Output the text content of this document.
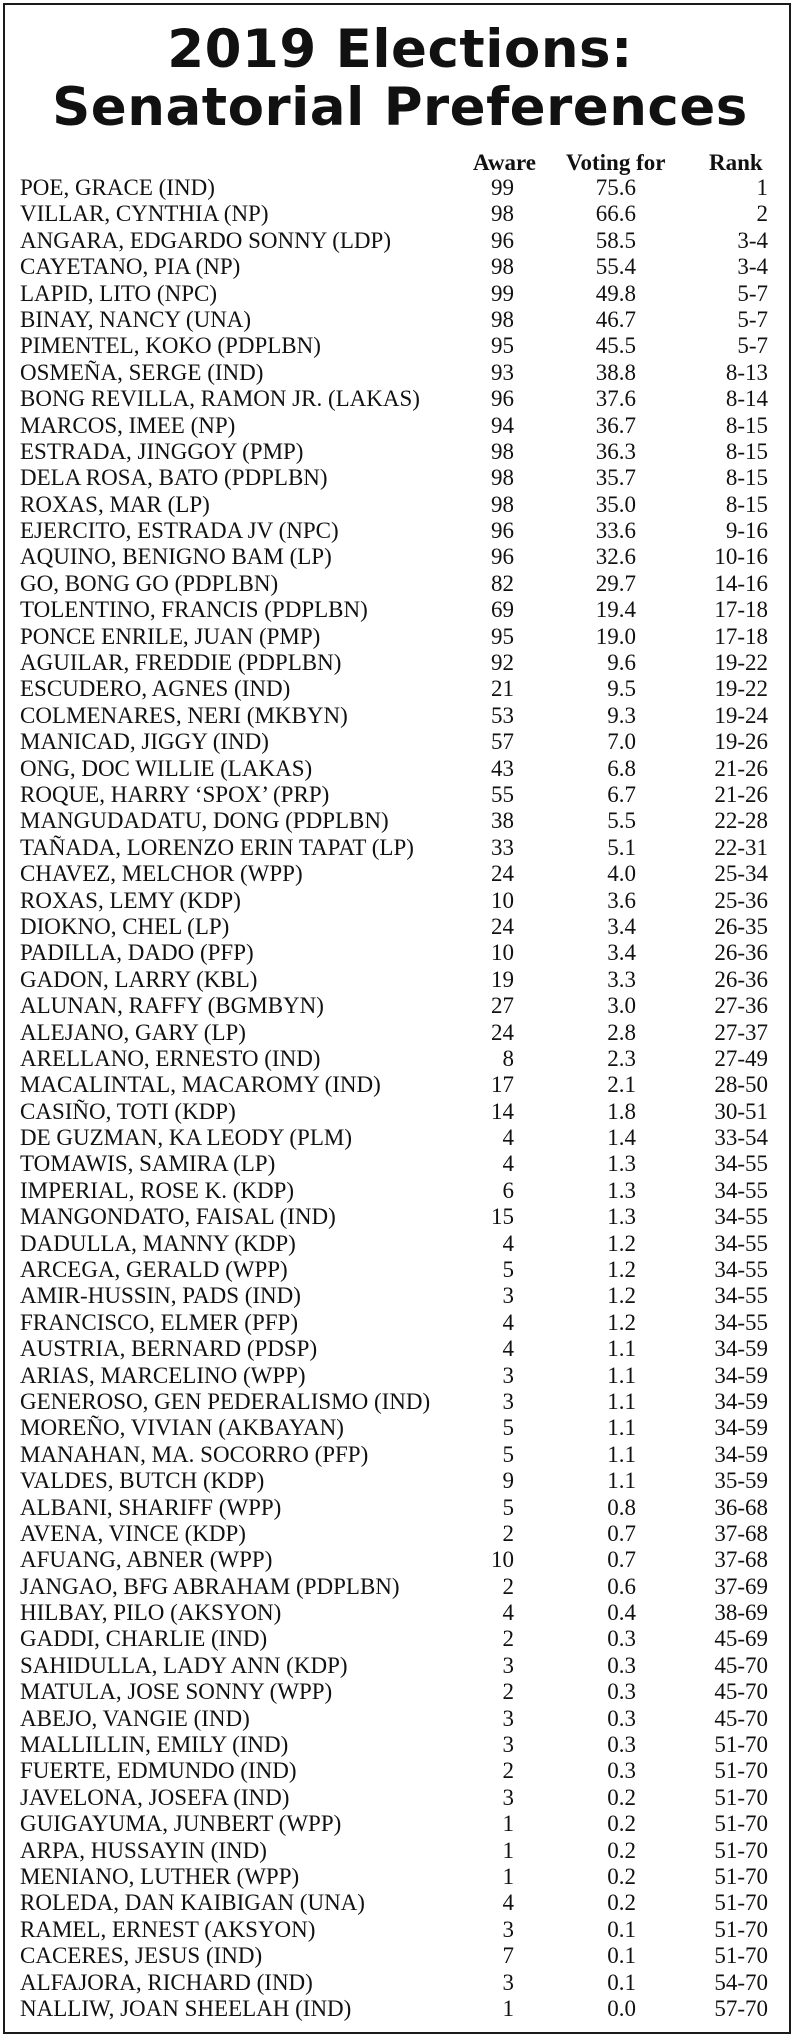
2019 Elections:
Senatorial Preferences
Aware Voting for Rank
POE, GRACE (IND)	99	75.6	1
VILLAR, CYNTHIA (NP)	98	66.6	2
ANGARA, EDGARDO SONNY (LDP)	96	58.5	3-4
CAYETANO, PIA (NP)	98	55.4	3-4
LAPID, LITO (NPC)	99	49.8	5-7
BINAY, NANCY (UNA)	98	46.7	5-7
PIMENTEL, KOKO (PDPLBN)	95	45.5	5-7
OSMEÑA, SERGE (IND)	93	38.8	8-13
BONG REVILLA, RAMON JR. (LAKAS)	96	37.6	8-14
MARCOS, IMEE (NP)	94	36.7	8-15
ESTRADA, JINGGOY (PMP)	98	36.3	8-15
DELA ROSA, BATO (PDPLBN)	98	35.7	8-15
ROXAS, MAR (LP)	98	35.0	8-15
EJERCITO, ESTRADA JV (NPC)	96	33.6	9-16
AQUINO, BENIGNO BAM (LP)	96	32.6	10-16
GO, BONG GO (PDPLBN)	82	29.7	14-16
TOLENTINO, FRANCIS (PDPLBN)	69	19.4	17-18
PONCE ENRILE, JUAN (PMP)	95	19.0	17-18
AGUILAR, FREDDIE (PDPLBN)	92	9.6	19-22
ESCUDERO, AGNES (IND)	21	9.5	19-22
COLMENARES, NERI (MKBYN)	53	9.3	19-24
MANICAD, JIGGY (IND)	57	7.0	19-26
ONG, DOC WILLIE (LAKAS)	43	6.8	21-26
ROQUE, HARRY ‘SPOX’ (PRP)	55	6.7	21-26
MANGUDADATU, DONG (PDPLBN)	38	5.5	22-28
TAÑADA, LORENZO ERIN TAPAT (LP)	33	5.1	22-31
CHAVEZ, MELCHOR (WPP)	24	4.0	25-34
ROXAS, LEMY (KDP)	10	3.6	25-36
DIOKNO, CHEL (LP)	24	3.4	26-35
PADILLA, DADO (PFP)	10	3.4	26-36
GADON, LARRY (KBL)	19	3.3	26-36
ALUNAN, RAFFY (BGMBYN)	27	3.0	27-36
ALEJANO, GARY (LP)	24	2.8	27-37
ARELLANO, ERNESTO (IND)	8	2.3	27-49
MACALINTAL, MACAROMY (IND)	17	2.1	28-50
CASIÑO, TOTI (KDP)	14	1.8	30-51
DE GUZMAN, KA LEODY (PLM)	4	1.4	33-54
TOMAWIS, SAMIRA (LP)	4	1.3	34-55
IMPERIAL, ROSE K. (KDP)	6	1.3	34-55
MANGONDATO, FAISAL (IND)	15	1.3	34-55
DADULLA, MANNY (KDP)	4	1.2	34-55
ARCEGA, GERALD (WPP)	5	1.2	34-55
AMIR-HUSSIN, PADS (IND)	3	1.2	34-55
FRANCISCO, ELMER (PFP)	4	1.2	34-55
AUSTRIA, BERNARD (PDSP)	4	1.1	34-59
ARIAS, MARCELINO (WPP)	3	1.1	34-59
GENEROSO, GEN PEDERALISMO (IND)	3	1.1	34-59
MOREÑO, VIVIAN (AKBAYAN)	5	1.1	34-59
MANAHAN, MA. SOCORRO (PFP)	5	1.1	34-59
VALDES, BUTCH (KDP)	9	1.1	35-59
ALBANI, SHARIFF (WPP)	5	0.8	36-68
AVENA, VINCE (KDP)	2	0.7	37-68
AFUANG, ABNER (WPP)	10	0.7	37-68
JANGAO, BFG ABRAHAM (PDPLBN)	2	0.6	37-69
HILBAY, PILO (AKSYON)	4	0.4	38-69
GADDI, CHARLIE (IND)	2	0.3	45-69
SAHIDULLA, LADY ANN (KDP)	3	0.3	45-70
MATULA, JOSE SONNY (WPP)	2	0.3	45-70
ABEJO, VANGIE (IND)	3	0.3	45-70
MALLILLIN, EMILY (IND)	3	0.3	51-70
FUERTE, EDMUNDO (IND)	2	0.3	51-70
JAVELONA, JOSEFA (IND)	3	0.2	51-70
GUIGAYUMA, JUNBERT (WPP)	1	0.2	51-70
ARPA, HUSSAYIN (IND)	1	0.2	51-70
MENIANO, LUTHER (WPP)	1	0.2	51-70
ROLEDA, DAN KAIBIGAN (UNA)	4	0.2	51-70
RAMEL, ERNEST (AKSYON)	3	0.1	51-70
CACERES, JESUS (IND)	7	0.1	51-70
ALFAJORA, RICHARD (IND)	3	0.1	54-70
NALLIW, JOAN SHEELAH (IND)	1	0.0	57-70
